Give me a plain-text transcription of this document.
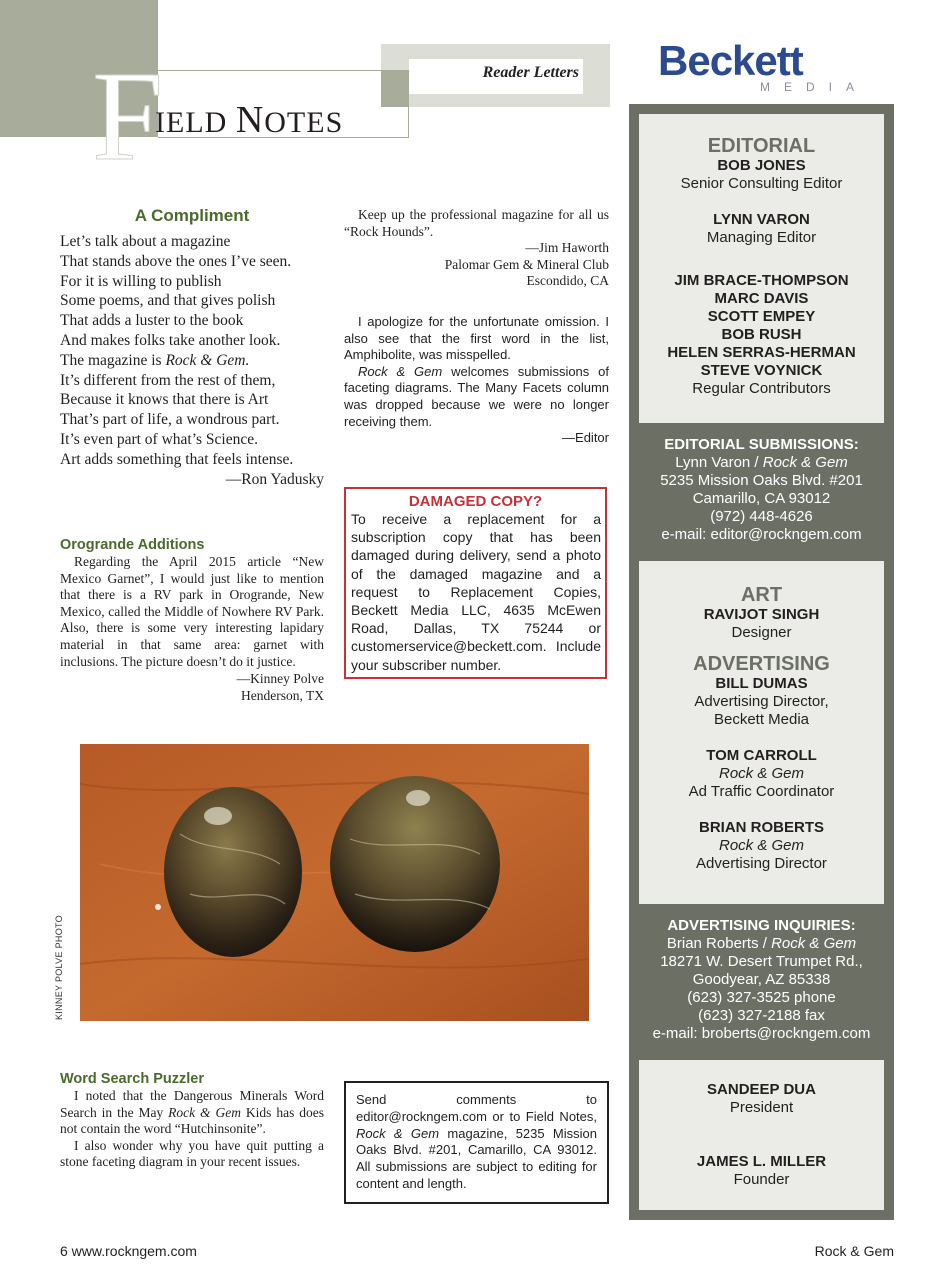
F
IELD NOTES
Reader Letters Beckett
MEDIA
EDITORIAL
BOB JONES
Senior Consulting Editor
LYNN VARON
Managing Editor
JIM BRACE-THOMPSON
MARC DAVIS
SCOTT EMPEY
BOB RUSH
HELEN SERRAS-HERMAN
STEVE VOYNICK
Regular Contributors
EDITORIAL SUBMISSIONS:
Lynn Varon / Rock & Gem
5235 Mission Oaks Blvd. #201
Camarillo, CA 93012
(972) 448-4626
e-mail: editor@rockngem.com
ART
RAVIJOT SINGH
Designer
ADVERTISING
BILL DUMAS
Advertising Director,
Beckett Media
TOM CARROLL
Rock & Gem
Ad Traffic Coordinator
BRIAN ROBERTS
Rock & Gem
Advertising Director
ADVERTISING INQUIRIES:
Brian Roberts / Rock & Gem
18271 W. Desert Trumpet Rd.,
Goodyear, AZ 85338
(623) 327-3525 phone
(623) 327-2188 fax
e-mail: broberts@rockngem.com
SANDEEP DUA
President
JAMES L. MILLER
Founder
A Compliment
Let’s talk about a magazine
That stands above the ones I’ve seen.
For it is willing to publish
Some poems, and that gives polish
That adds a luster to the book
And makes folks take another look.
The magazine is Rock & Gem.
It’s different from the rest of them,
Because it knows that there is Art
That’s part of life, a wondrous part.
It’s even part of what’s Science.
Art adds something that feels intense.
—Ron Yadusky
Orogrande Additions
Regarding the April 2015 article “New Mexico Garnet”, I would just like to mention that there is a RV park in Orogrande, New Mexico, called the Middle of Nowhere RV Park. Also, there is some very interesting lapidary material in that same area: garnet with inclusions. The picture doesn’t do it justice.
—Kinney Polve
Henderson, TX
Keep up the professional magazine for all us “Rock Hounds”.
—Jim Haworth
Palomar Gem & Mineral Club
Escondido, CA
I apologize for the unfortunate omission. I also see that the first word in the list, Amphibolite, was misspelled.
Rock & Gem welcomes submissions of faceting diagrams. The Many Facets column was dropped because we were no longer receiving them.
—Editor
DAMAGED COPY?
To receive a replacement for a subscription copy that has been damaged during delivery, send a photo of the damaged magazine and a request to Replacement Copies, Beckett Media LLC, 4635 McEwen Road, Dallas, TX 75244 or customerservice@beckett.com. Include your subscriber number.
KINNEY POLVE PHOTO
Word Search Puzzler
I noted that the Dangerous Minerals Word Search in the May Rock & Gem Kids has does not contain the word “Hutchinsonite”.
I also wonder why you have quit putting a stone faceting diagram in your recent issues.
Send comments to editor@rockngem.com or to Field Notes, Rock & Gem magazine, 5235 Mission Oaks Blvd. #201, Camarillo, CA 93012. All submissions are subject to editing for content and length.
6 www.rockngem.com	Rock & Gem
